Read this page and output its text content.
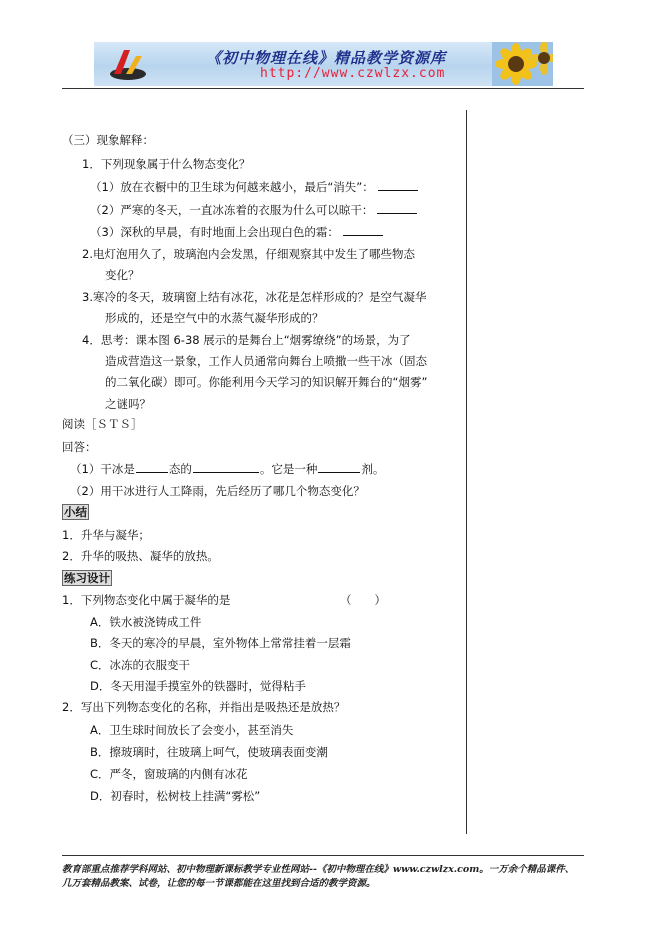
《初中物理在线》精品教学资源库
http://www.czwlzx.com
（三）现象解释：
1．下列现象属于什么物态变化？
（1）放在衣橱中的卫生球为何越来越小，最后“消失”：
（2）严寒的冬天，一直冰冻着的衣服为什么可以晾干：
（3）深秋的早晨，有时地面上会出现白色的霜：
2.电灯泡用久了，玻璃泡内会发黑，仔细观察其中发生了哪些物态
变化？
3.寒冷的冬天，玻璃窗上结有冰花，冰花是怎样形成的？是空气凝华
形成的，还是空气中的水蒸气凝华形成的？
4．思考：课本图 6-38 展示的是舞台上“烟雾缭绕”的场景，为了
造成营造这一景象，工作人员通常向舞台上喷撒一些干冰（固态
的二氧化碳）即可。你能利用今天学习的知识解开舞台的“烟雾”
之谜吗？
阅读［ＳＴＳ］
回答：
（1）干冰是	态的	。它是一种	剂。
（2）用干冰进行人工降雨，先后经历了哪几个物态变化？
小结
1．升华与凝华；
2．升华的吸热、凝华的放热。
练习设计
1．下列物态变化中属于凝华的是	（　　）
A．铁水被浇铸成工件
B．冬天的寒冷的早晨，室外物体上常常挂着一层霜
C．冰冻的衣服变干
D．冬天用湿手摸室外的铁器时，觉得粘手
2．写出下列物态变化的名称，并指出是吸热还是放热？
A．卫生球时间放长了会变小，甚至消失
B．擦玻璃时，往玻璃上呵气，使玻璃表面变潮
C．严冬，窗玻璃的内侧有冰花
D．初春时，松树枝上挂满“雾松”
教育部重点推荐学科网站、初中物理新课标教学专业性网站--《初中物理在线》www.czwlzx.com。一万余个精品课件、
几万套精品教案、试卷，让您的每一节课都能在这里找到合适的教学资源。
